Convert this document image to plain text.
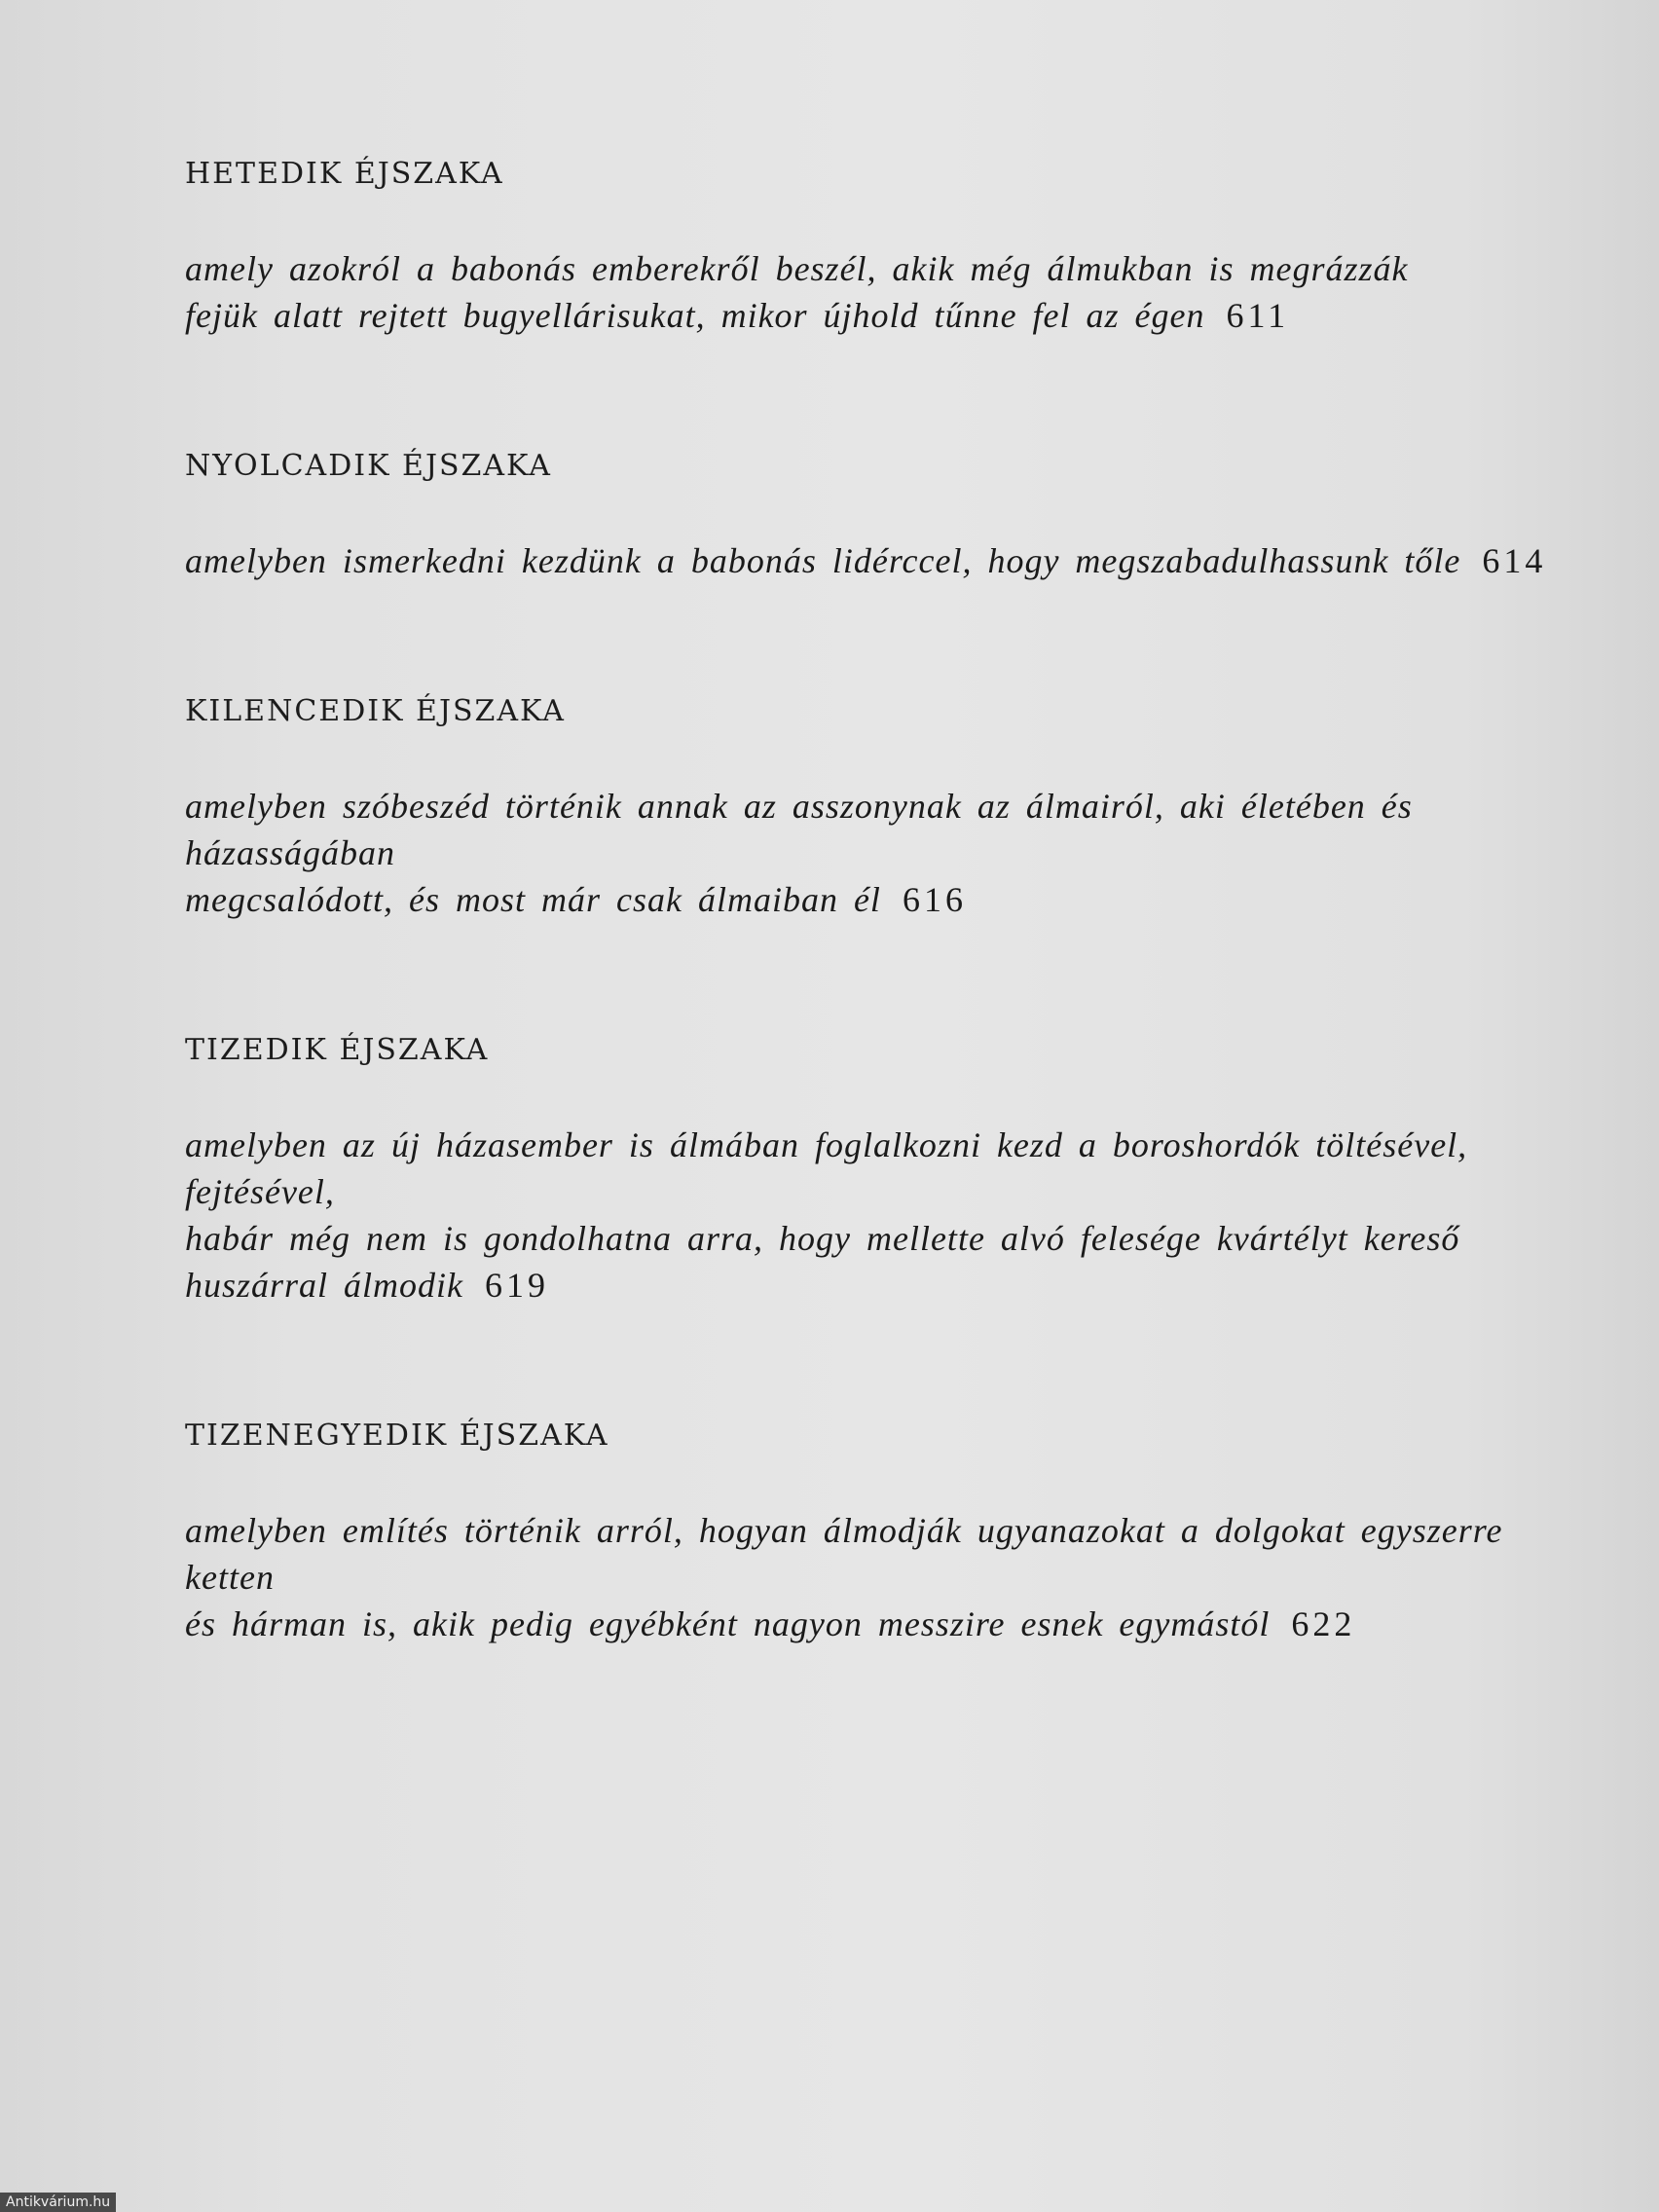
HETEDIK ÉJSZAKA

amely azokról a babonás emberekről beszél, akik még álmukban is megrázzák
fejük alatt rejtett bugyellárisukat, mikor újhold tűnne fel az égen 611

NYOLCADIK ÉJSZAKA

amelyben ismerkedni kezdünk a babonás lidérccel, hogy megszabadulhassunk tőle 614

KILENCEDIK ÉJSZAKA

amelyben szóbeszéd történik annak az asszonynak az álmairól, aki életében és házasságában
megcsalódott, és most már csak álmaiban él 616

TIZEDIK ÉJSZAKA

amelyben az új házasember is álmában foglalkozni kezd a boroshordók töltésével, fejtésével,
habár még nem is gondolhatna arra, hogy mellette alvó felesége kvártélyt kereső
huszárral álmodik 619

TIZENEGYEDIK ÉJSZAKA

amelyben említés történik arról, hogyan álmodják ugyanazokat a dolgokat egyszerre ketten
és hárman is, akik pedig egyébként nagyon messzire esnek egymástól 622

Antikvárium.hu
